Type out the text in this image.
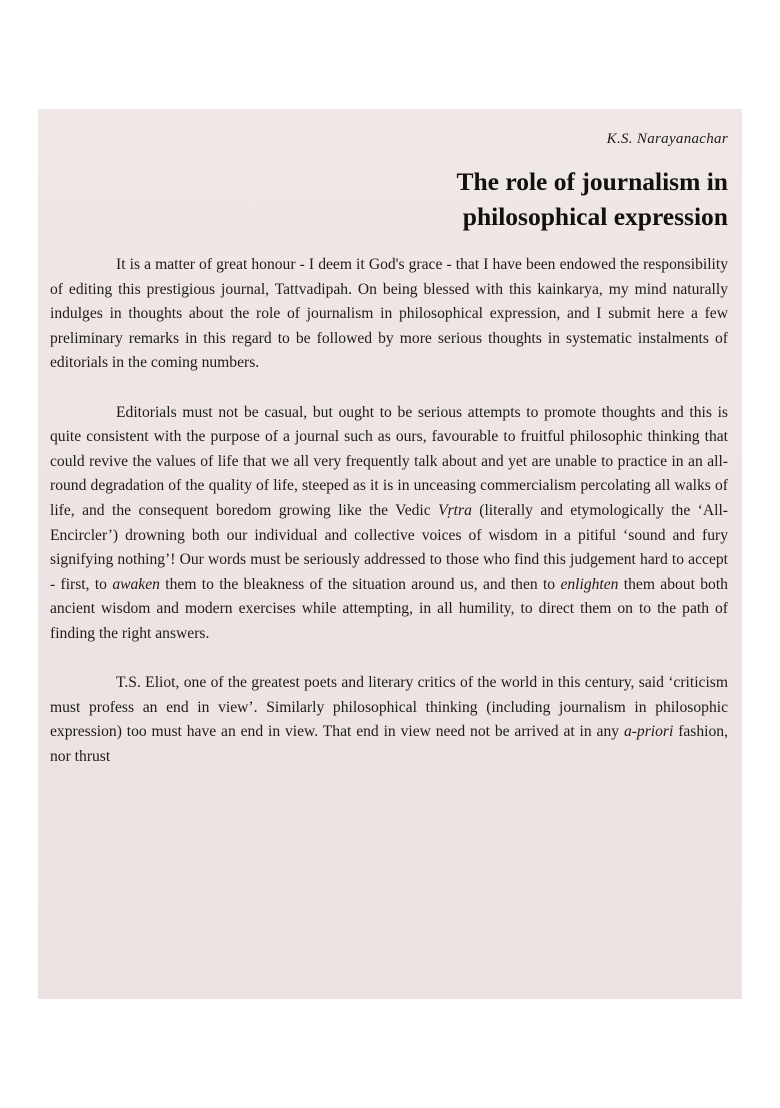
K.S. Narayanachar
The role of journalism in
philosophical expression

It is a matter of great honour - I deem it God's grace - that I have been endowed the responsibility of editing this prestigious journal, Tattvadipah. On being blessed with this kainkarya, my mind naturally indulges in thoughts about the role of journalism in philosophical expression, and I submit here a few preliminary remarks in this regard to be followed by more serious thoughts in systematic instalments of editorials in the coming numbers.

Editorials must not be casual, but ought to be serious attempts to promote thoughts and this is quite consistent with the purpose of a journal such as ours, favourable to fruitful philosophic thinking that could revive the values of life that we all very frequently talk about and yet are unable to practice in an all-round degradation of the quality of life, steeped as it is in unceasing commercialism percolating all walks of life, and the consequent boredom growing like the Vedic Vṛtra (literally and etymologically the ‘All-Encircler’) drowning both our individual and collective voices of wisdom in a pitiful ‘sound and fury signifying nothing’! Our words must be seriously addressed to those who find this judgement hard to accept - first, to awaken them to the bleakness of the situation around us, and then to enlighten them about both ancient wisdom and modern exercises while attempting, in all humility, to direct them on to the path of finding the right answers.

T.S. Eliot, one of the greatest poets and literary critics of the world in this century, said ‘criticism must profess an end in view’. Similarly philosophical thinking (including journalism in philosophic expression) too must have an end in view. That end in view need not be arrived at in any a-priori fashion, nor thrust
